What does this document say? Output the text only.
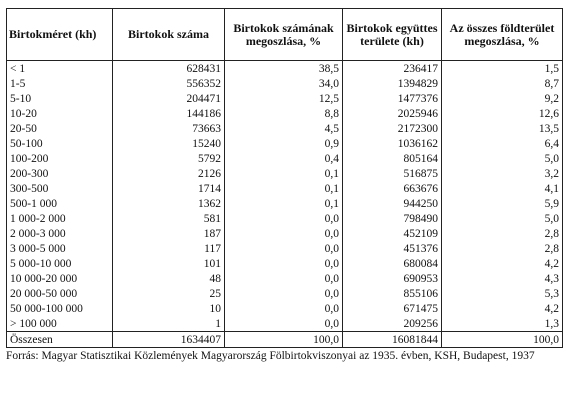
Birtokméret (kh)	Birtokok száma	Birtokok számának megoszlása, %	Birtokok együttes területe (kh)	Az összes földterület megoszlása, %
< 1	628431	38,5	236417	1,5
1-5	556352	34,0	1394829	8,7
5-10	204471	12,5	1477376	9,2
10-20	144186	8,8	2025946	12,6
20-50	73663	4,5	2172300	13,5
50-100	15240	0,9	1036162	6,4
100-200	5792	0,4	805164	5,0
200-300	2126	0,1	516875	3,2
300-500	1714	0,1	663676	4,1
500-1 000	1362	0,1	944250	5,9
1 000-2 000	581	0,0	798490	5,0
2 000-3 000	187	0,0	452109	2,8
3 000-5 000	117	0,0	451376	2,8
5 000-10 000	101	0,0	680084	4,2
10 000-20 000	48	0,0	690953	4,3
20 000-50 000	25	0,0	855106	5,3
50 000-100 000	10	0,0	671475	4,2
> 100 000	1	0,0	209256	1,3
Összesen	1634407	100,0	16081844	100,0
Forrás: Magyar Statisztikai Közlemények Magyarország Fölbirtokviszonyai az 1935. évben, KSH, Budapest, 1937
